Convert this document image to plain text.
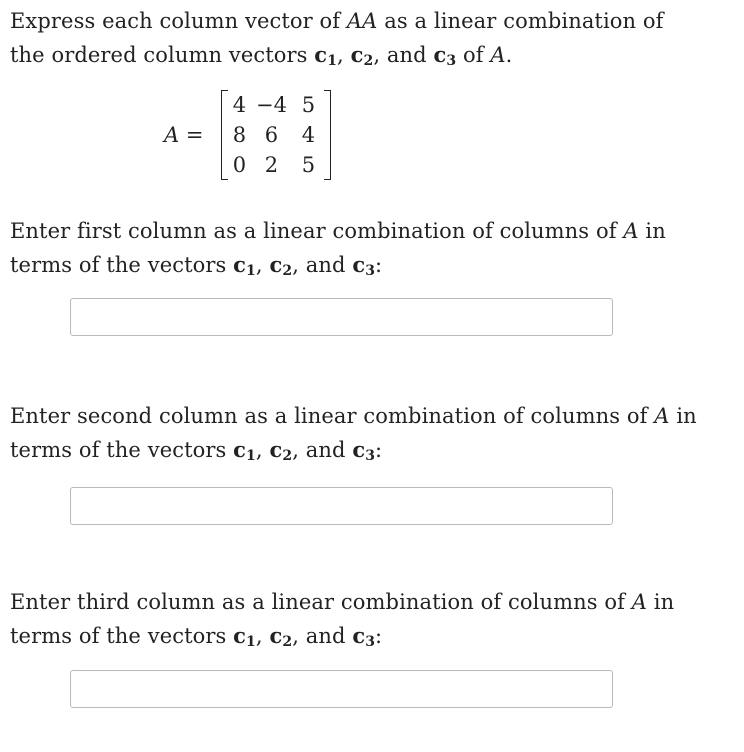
Express each column vector of AA as a linear combination of
the ordered column vectors $c_1$, $c_2$, and $c_3$ of A.

A =
4 −4 5
8 6	4
0 2	5

Enter first column as a linear combination of columns of A in
terms of the vectors $c_1$, $c_2$, and $c_3$:

Enter second column as a linear combination of columns of A in
terms of the vectors $c_1$, $c_2$, and $c_3$:

Enter third column as a linear combination of columns of A in
terms of the vectors $c_1$, $c_2$, and $c_3$:
